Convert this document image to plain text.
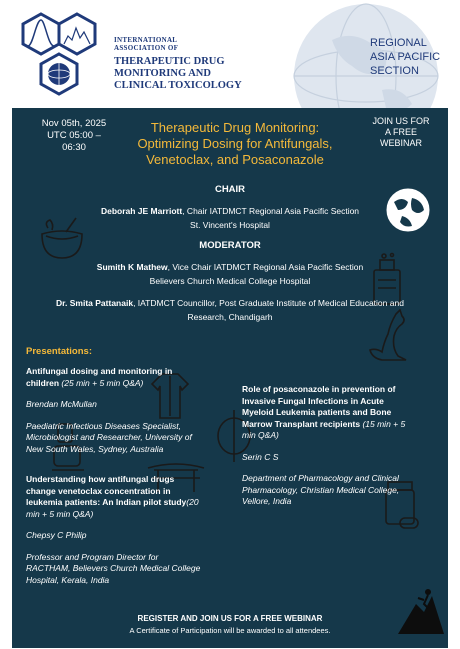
INTERNATIONAL
ASSOCIATION OF
THERAPEUTIC DRUG
MONITORING AND
CLINICAL TOXICOLOGY
REGIONAL
ASIA PACIFIC
SECTION
Nov 05th, 2025
UTC 05:00 –
06:30
Therapeutic Drug Monitoring:
Optimizing Dosing for Antifungals,
Venetoclax, and Posaconazole
JOIN US FOR
A FREE
WEBINAR
CHAIR
Deborah JE Marriott, Chair IATDMCT Regional Asia Pacific Section
St. Vincent's Hospital
MODERATOR
Sumith K Mathew, Vice Chair IATDMCT Regional Asia Pacific Section
Believers Church Medical College Hospital
Dr. Smita Pattanaik, IATDMCT Councillor, Post Graduate Institute of Medical Education and
Research, Chandigarh
Presentations:
Antifungal dosing and monitoring in
children (25 min + 5 min Q&A)
Brendan McMullan
Paediatric Infectious Diseases Specialist,
Microbiologist and Researcher, University of
New South Wales, Sydney, Australia
Understanding how antifungal drugs
change venetoclax concentration in
leukemia patients: An Indian pilot study(20
min + 5 min Q&A)
Chepsy C Philip
Professor and Program Director for
RACTHAM, Believers Church Medical College
Hospital, Kerala, India
Role of posaconazole in prevention of
Invasive Fungal Infections in Acute
Myeloid Leukemia patients and Bone
Marrow Transplant recipients (15 min + 5
min Q&A)
Serin C S
Department of Pharmacology and Clinical
Pharmacology, Christian Medical College,
Vellore, India
REGISTER AND JOIN US FOR A FREE WEBINAR
A Certificate of Participation will be awarded to all attendees.
